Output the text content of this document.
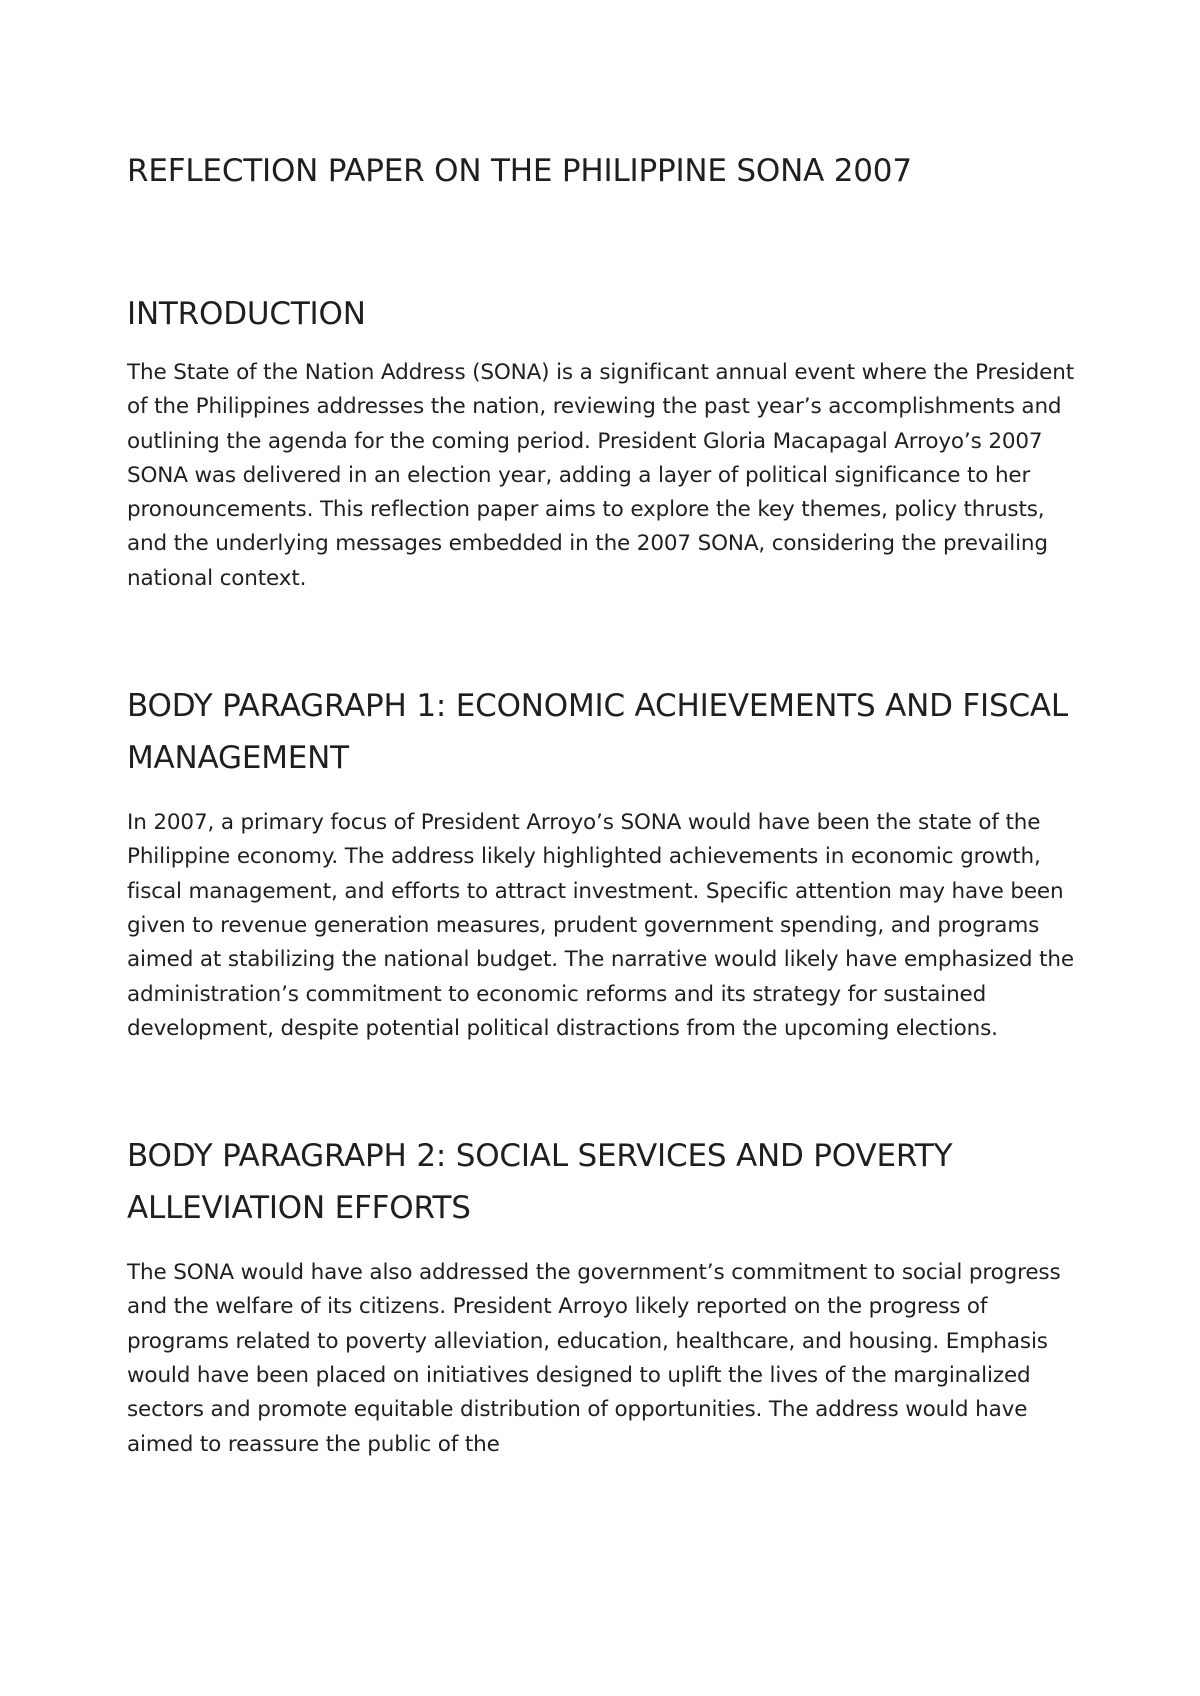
REFLECTION PAPER ON THE PHILIPPINE SONA 2007
INTRODUCTION

The State of the Nation Address (SONA) is a significant annual event where the President of the Philippines addresses the nation, reviewing the past year’s accomplishments and outlining the agenda for the coming period. President Gloria Macapagal Arroyo’s 2007 SONA was delivered in an election year, adding a layer of political significance to her pronouncements. This reflection paper aims to explore the key themes, policy thrusts, and the underlying messages embedded in the 2007 SONA, considering the prevailing national context.

BODY PARAGRAPH 1: ECONOMIC ACHIEVEMENTS AND FISCAL MANAGEMENT

In 2007, a primary focus of President Arroyo’s SONA would have been the state of the Philippine economy. The address likely highlighted achievements in economic growth, fiscal management, and efforts to attract investment. Specific attention may have been given to revenue generation measures, prudent government spending, and programs aimed at stabilizing the national budget. The narrative would likely have emphasized the administration’s commitment to economic reforms and its strategy for sustained development, despite potential political distractions from the upcoming elections.

BODY PARAGRAPH 2: SOCIAL SERVICES AND POVERTY ALLEVIATION EFFORTS

The SONA would have also addressed the government’s commitment to social progress and the welfare of its citizens. President Arroyo likely reported on the progress of programs related to poverty alleviation, education, healthcare, and housing. Emphasis would have been placed on initiatives designed to uplift the lives of the marginalized sectors and promote equitable distribution of opportunities. The address would have aimed to reassure the public of the
